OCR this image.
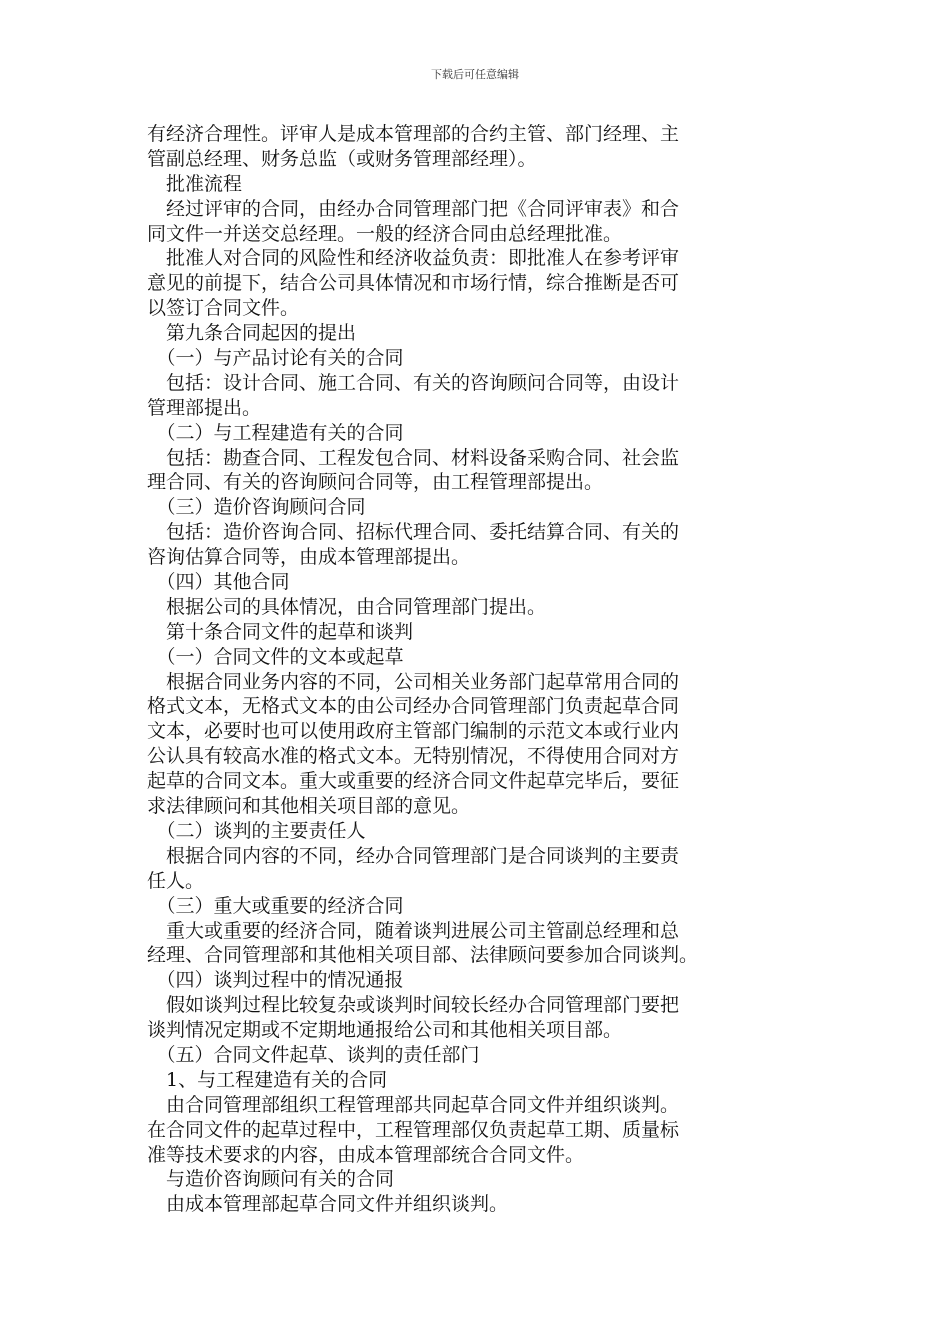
下载后可任意编辑
有经济合理性。评审人是成本管理部的合约主管、部门经理、主
管副总经理、财务总监（或财务管理部经理）。
　批准流程
　经过评审的合同，由经办合同管理部门把《合同评审表》和合
同文件一并送交总经理。一般的经济合同由总经理批准。
　批准人对合同的风险性和经济收益负责：即批准人在参考评审
意见的前提下，结合公司具体情况和市场行情，综合推断是否可
以签订合同文件。
　第九条合同起因的提出
　（一）与产品讨论有关的合同
　包括：设计合同、施工合同、有关的咨询顾问合同等，由设计
管理部提出。
　（二）与工程建造有关的合同
　包括：勘查合同、工程发包合同、材料设备采购合同、社会监
理合同、有关的咨询顾问合同等，由工程管理部提出。
　（三）造价咨询顾问合同
　包括：造价咨询合同、招标代理合同、委托结算合同、有关的
咨询估算合同等，由成本管理部提出。
　（四）其他合同
　根据公司的具体情况，由合同管理部门提出。
　第十条合同文件的起草和谈判
　（一）合同文件的文本或起草
　根据合同业务内容的不同，公司相关业务部门起草常用合同的
格式文本，无格式文本的由公司经办合同管理部门负责起草合同
文本，必要时也可以使用政府主管部门编制的示范文本或行业内
公认具有较高水准的格式文本。无特别情况，不得使用合同对方
起草的合同文本。重大或重要的经济合同文件起草完毕后，要征
求法律顾问和其他相关项目部的意见。
　（二）谈判的主要责任人
　根据合同内容的不同，经办合同管理部门是合同谈判的主要责
任人。
　（三）重大或重要的经济合同
　重大或重要的经济合同，随着谈判进展公司主管副总经理和总
经理、合同管理部和其他相关项目部、法律顾问要参加合同谈判。
　（四）谈判过程中的情况通报
　假如谈判过程比较复杂或谈判时间较长经办合同管理部门要把
谈判情况定期或不定期地通报给公司和其他相关项目部。
　（五）合同文件起草、谈判的责任部门
　1、与工程建造有关的合同
　由合同管理部组织工程管理部共同起草合同文件并组织谈判。
在合同文件的起草过程中，工程管理部仅负责起草工期、质量标
准等技术要求的内容，由成本管理部统合合同文件。
　与造价咨询顾问有关的合同
　由成本管理部起草合同文件并组织谈判。
